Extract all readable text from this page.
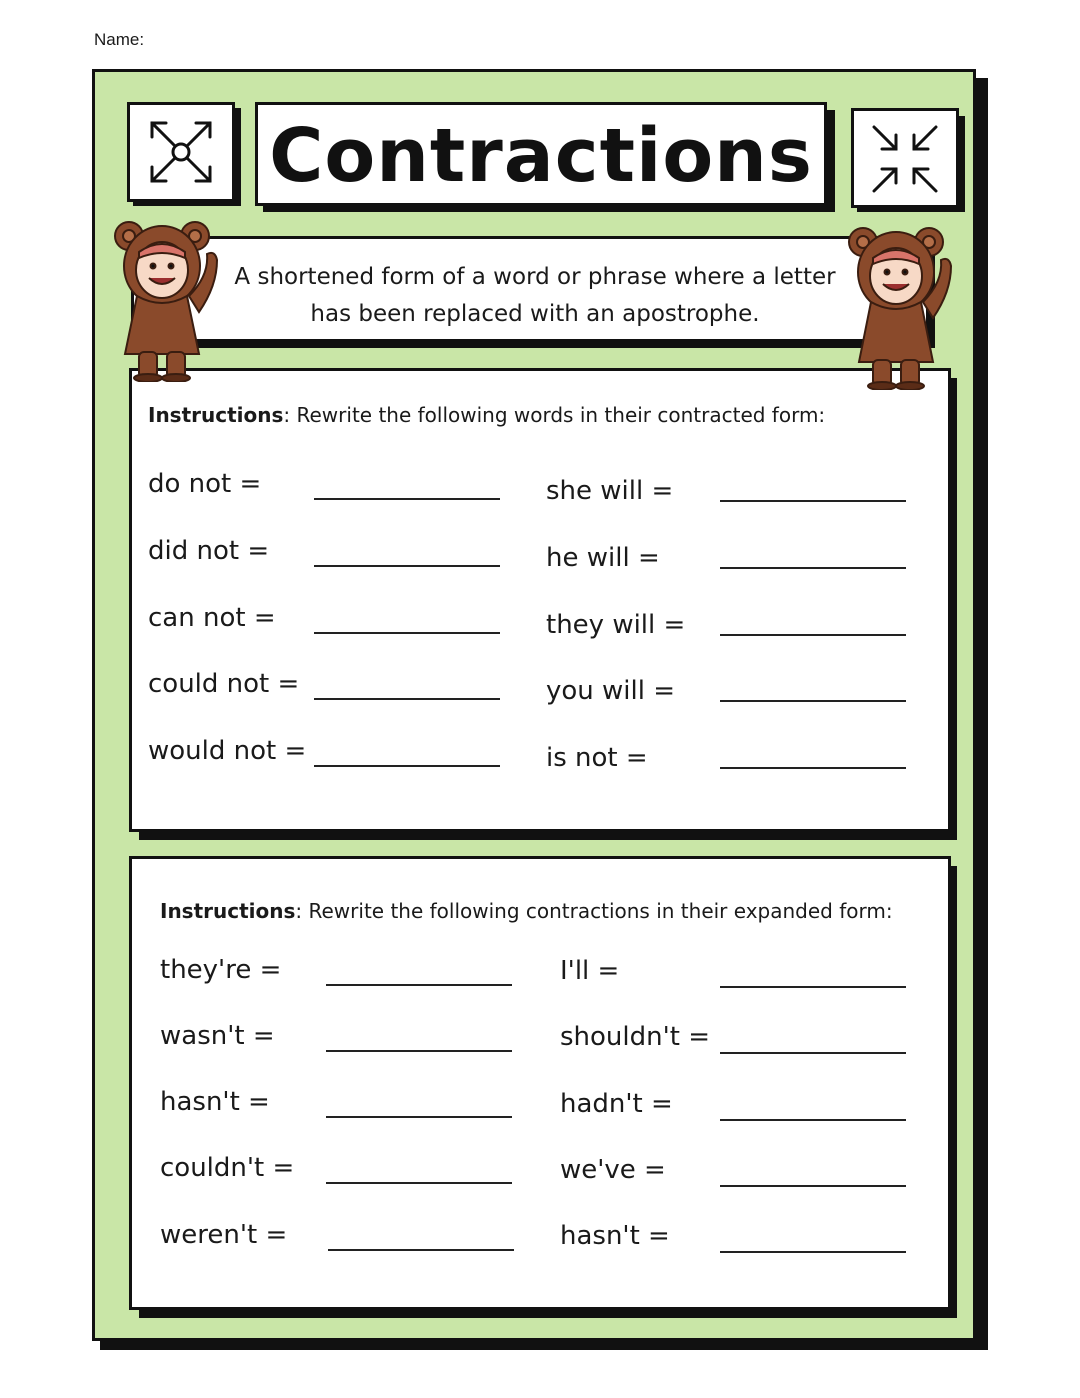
Name:
Contractions
A shortened form of a word or phrase where a letter
has been replaced with an apostrophe.
Instructions: Rewrite the following words in their contracted form:
do not =
did not =
can not =
could not =
would not =
she will =
he will =
they will =
you will =
is not =
Instructions: Rewrite the following contractions in their expanded form:
they're =
wasn't =
hasn't =
couldn't =
weren't =
I'll =
shouldn't =
hadn't =
we've =
hasn't =
